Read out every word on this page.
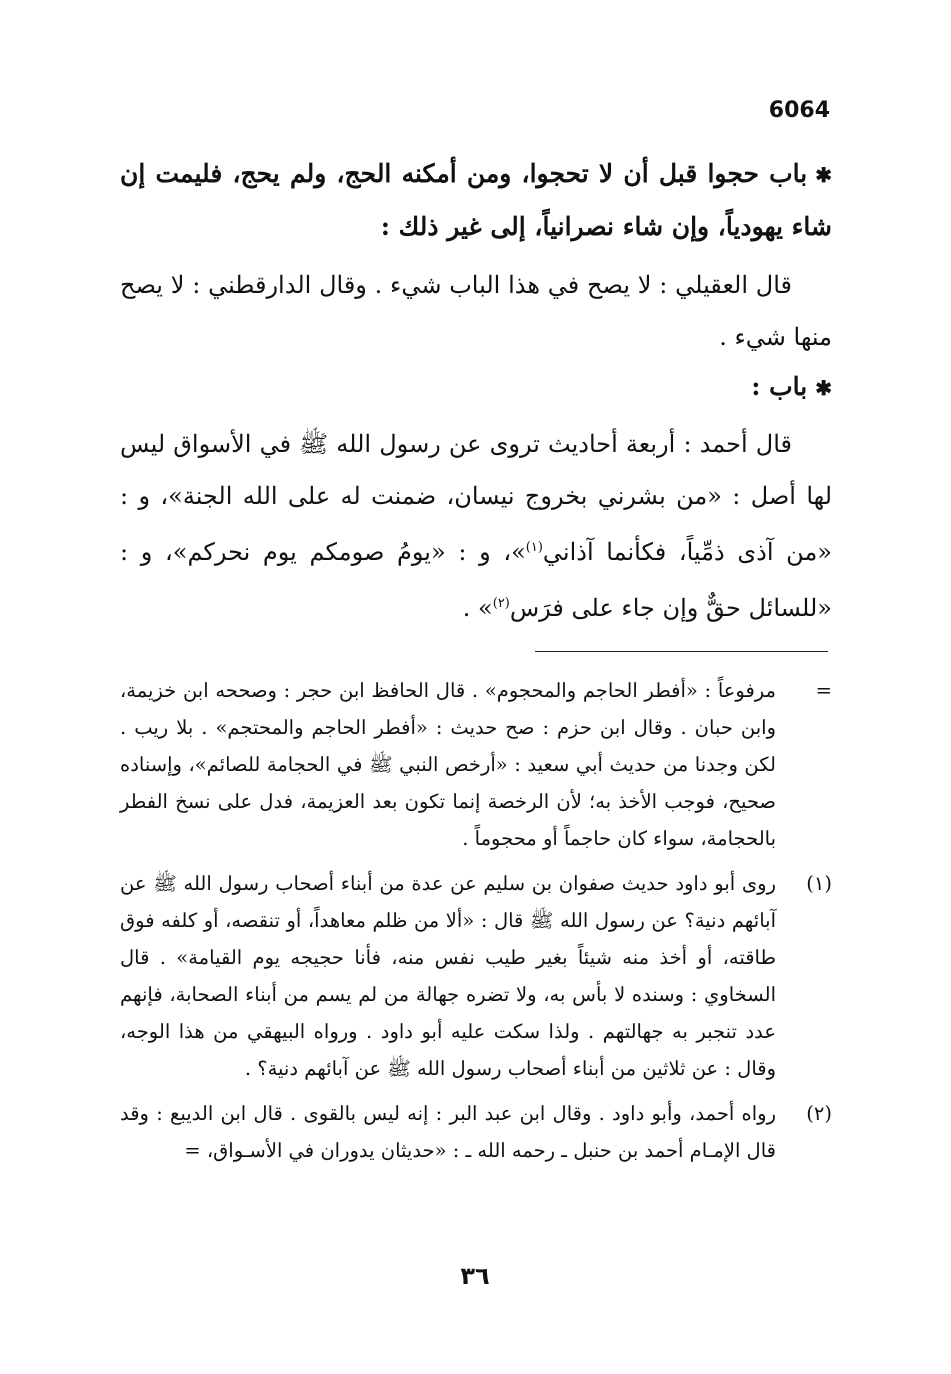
6064

✱باب حجوا قبل أن لا تحجوا، ومن أمكنه الحج، ولم يحج، فليمت إن شاء يهودياً، وإن شاء نصرانياً، إلى غير ذلك :

قال العقيلي : لا يصح في هذا الباب شيء . وقال الدارقطني : لا يصح منها شيء .

✱باب :

قال أحمد : أربعة أحاديث تروى عن رسول الله ﷺ في الأسواق ليس لها أصل : «من بشرني بخروج نيسان، ضمنت له على الله الجنة»، و : «من آذى ذمِّياً، فكأنما آذاني$^{(١)}$»، و : «يومُ صومكم يوم نحركم»، و : «للسائل حقٌّ وإن جاء على فرَس$^{(٢)}$» .

=
مرفوعاً : «أفطر الحاجم والمحجوم» . قال الحافظ ابن حجر : وصححه ابن خزيمة، وابن حبان . وقال ابن حزم : صح حديث : «أفطر الحاجم والمحتجم» . بلا ريب . لكن وجدنا من حديث أبي سعيد : «أرخص النبي ﷺ في الحجامة للصائم»، وإسناده صحيح، فوجب الأخذ به؛ لأن الرخصة إنما تكون بعد العزيمة، فدل على نسخ الفطر بالحجامة، سواء كان حاجماً أو محجوماً .
(١)
روى أبو داود حديث صفوان بن سليم عن عدة من أبناء أصحاب رسول الله ﷺ عن آبائهم دنية؟ عن رسول الله ﷺ قال : «ألا من ظلم معاهداً، أو تنقصه، أو كلفه فوق طاقته، أو أخذ منه شيئاً بغير طيب نفس منه، فأنا حجيجه يوم القيامة» . قال السخاوي : وسنده لا بأس به، ولا تضره جهالة من لم يسم من أبناء الصحابة، فإنهم عدد تنجبر به جهالتهم . ولذا سكت عليه أبو داود . ورواه البيهقي من هذا الوجه، وقال : عن ثلاثين من أبناء أصحاب رسول الله ﷺ عن آبائهم دنية؟ .
(٢)
رواه أحمد، وأبو داود . وقال ابن عبد البر : إنه ليس بالقوى . قال ابن الديبع : وقد قال الإمـام أحمد بن حنبل ـ رحمه الله ـ : «حديثان يدوران في الأسـواق، =
٣٦
